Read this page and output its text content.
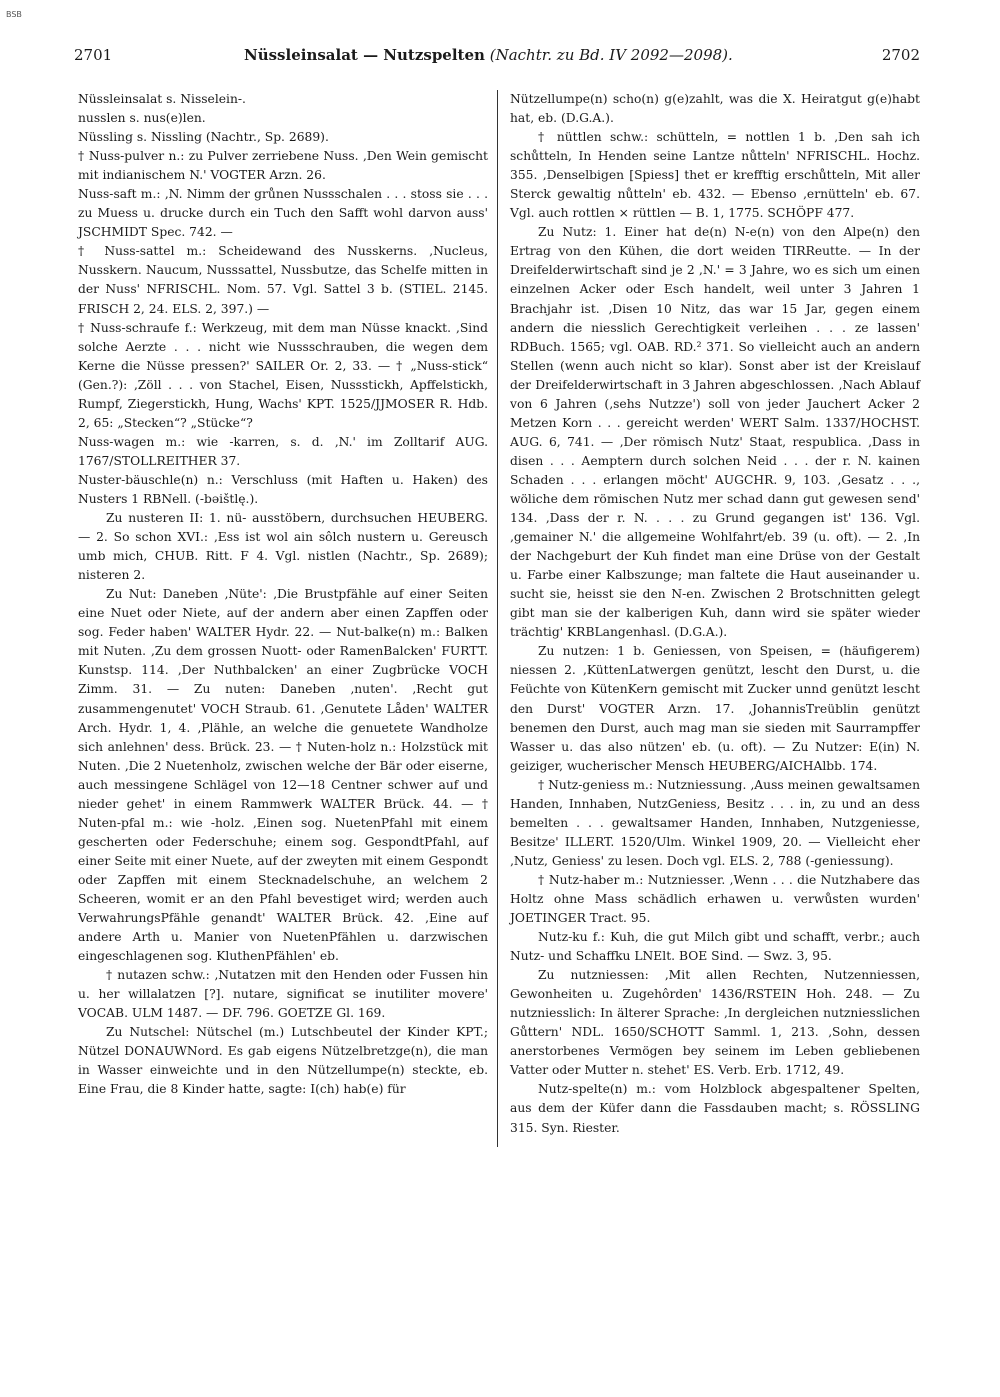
BSB
2701	Nüssleinsalat — Nutzspelten (Nachtr. zu Bd. IV 2092—2098).	2702

Nüssleinsalat s. Nisselein-.

nusslen s. nus(e)len.

Nüssling s. Nissling (Nachtr., Sp. 2689).

† Nuss-pulver n.: zu Pulver zerriebene Nuss. ‚Den Wein gemischt mit indianischem N.' VOGTER Arzn. 26.

Nuss-saft m.: ‚N. Nimm der grůnen Nussschalen . . . stoss sie . . . zu Muess u. drucke durch ein Tuch den Safft wohl darvon auss' JSCHMIDT Spec. 742. —

† Nuss-sattel m.: Scheidewand des Nusskerns. ‚Nucleus, Nusskern. Naucum, Nusssattel, Nussbutze, das Schelfe mitten in der Nuss' NFRISCHL. Nom. 57. Vgl. Sattel 3 b. (STIEL. 2145. FRISCH 2, 24. ELS. 2, 397.) —

† Nuss-schraufe f.: Werkzeug, mit dem man Nüsse knackt. ‚Sind solche Aerzte . . . nicht wie Nussschrauben, die wegen dem Kerne die Nüsse pressen?' SAILER Or. 2, 33. — † „Nuss-stick“ (Gen.?): ‚Zöll . . . von Stachel, Eisen, Nussstickh, Apffelstickh, Rumpf, Ziegerstickh, Hung, Wachs' KPT. 1525/JJMOSER R. Hdb. 2, 65: „Stecken“? „Stücke“?

Nuss-wagen m.: wie -karren, s. d. ‚N.' im Zolltarif AUG. 1767/STOLLREITHER 37.

Nuster-bäuschle(n) n.: Verschluss (mit Haften u. Haken) des Nusters 1 RBNell. (-bəištlę.).

Zu nusteren II: 1. nü- ausstöbern, durchsuchen HEUBERG. — 2. So schon XVI.: ‚Ess ist wol ain sôlch nustern u. Gereusch umb mich, CHUB. Ritt. F 4. Vgl. nistlen (Nachtr., Sp. 2689); nisteren 2.

Zu Nut: Daneben ‚Nüte': ‚Die Brustpfähle auf einer Seiten eine Nuet oder Niete, auf der andern aber einen Zapffen oder sog. Feder haben' WALTER Hydr. 22. — Nut-balke(n) m.: Balken mit Nuten. ‚Zu dem grossen Nuott- oder RamenBalcken' FURTT. Kunstsp. 114. ‚Der Nuthbalcken' an einer Zugbrücke VOCH Zimm. 31. — Zu nuten: Daneben ‚nuten'. ‚Recht gut zusammengenutet' VOCH Straub. 61. ‚Genutete Låden' WALTER Arch. Hydr. 1, 4. ‚Plähle, an welche die genuetete Wandholze sich anlehnen' dess. Brück. 23. — † Nuten-holz n.: Holzstück mit Nuten. ‚Die 2 Nuetenholz, zwischen welche der Bär oder eiserne, auch messingene Schlägel von 12—18 Centner schwer auf und nieder gehet' in einem Rammwerk WALTER Brück. 44. — † Nuten-pfal m.: wie -holz. ‚Einen sog. NuetenPfahl mit einem gescherten oder Federschuhe; einem sog. GespondtPfahl, auf einer Seite mit einer Nuete, auf der zweyten mit einem Gespondt oder Zapffen mit einem Stecknadelschuhe, an welchem 2 Scheeren, womit er an den Pfahl bevestiget wird; werden auch VerwahrungsPfähle genandt' WALTER Brück. 42. ‚Eine auf andere Arth u. Manier von NuetenPfählen u. darzwischen eingeschlagenen sog. KluthenPfählen' eb.

† nutazen schw.: ‚Nutatzen mit den Henden oder Fussen hin u. her willalatzen [?]. nutare, significat se inutiliter movere' VOCAB. ULM 1487. — DF. 796. GOETZE Gl. 169.

Zu Nutschel: Nütschel (m.) Lutschbeutel der Kinder KPT.; Nützel DONAUWNord. Es gab eigens Nützelbretzge(n), die man in Wasser einweichte und in den Nützellumpe(n) steckte, eb. Eine Frau, die 8 Kinder hatte, sagte: I(ch) hab(e) für

Nützellumpe(n) scho(n) g(e)zahlt, was die X. Heiratgut g(e)habt hat, eb. (D.G.A.).

† nüttlen schw.: schütteln, = nottlen 1 b. ‚Den sah ich schůtteln, In Henden seine Lantze nůtteln' NFRISCHL. Hochz. 355. ‚Denselbigen [Spiess] thet er krefftig erschůtteln, Mit aller Sterck gewaltig nůtteln' eb. 432. — Ebenso ‚ernütteln' eb. 67. Vgl. auch rottlen × rüttlen — B. 1, 1775. SCHÖPF 477.

Zu Nutz: 1. Einer hat de(n) N-e(n) von den Alpe(n) den Ertrag von den Kühen, die dort weiden TIRReutte. — In der Dreifelderwirtschaft sind je 2 ‚N.' = 3 Jahre, wo es sich um einen einzelnen Acker oder Esch handelt, weil unter 3 Jahren 1 Brachjahr ist. ‚Disen 10 Nitz, das war 15 Jar, gegen einem andern die niesslich Gerechtigkeit verleihen . . . ze lassen' RDBuch. 1565; vgl. OAB. RD.² 371. So vielleicht auch an andern Stellen (wenn auch nicht so klar). Sonst aber ist der Kreislauf der Dreifelderwirtschaft in 3 Jahren abgeschlossen. ‚Nach Ablauf von 6 Jahren (‚sehs Nutzze') soll von jeder Jauchert Acker 2 Metzen Korn . . . gereicht werden' WERT Salm. 1337/HOCHST. AUG. 6, 741. — ‚Der römisch Nutz' Staat, respublica. ‚Dass in disen . . . Aemptern durch solchen Neid . . . der r. N. kainen Schaden . . . erlangen möcht' AUGCHR. 9, 103. ‚Gesatz . . ., wöliche dem römischen Nutz mer schad dann gut gewesen send' 134. ‚Dass der r. N. . . . zu Grund gegangen ist' 136. Vgl. ‚gemainer N.' die allgemeine Wohlfahrt/eb. 39 (u. oft). — 2. ‚In der Nachgeburt der Kuh findet man eine Drüse von der Gestalt u. Farbe einer Kalbszunge; man faltete die Haut auseinander u. sucht sie, heisst sie den N-en. Zwischen 2 Brotschnitten gelegt gibt man sie der kalberigen Kuh, dann wird sie später wieder trächtig' KRBLangenhasl. (D.G.A.).

Zu nutzen: 1 b. Geniessen, von Speisen, = (häufigerem) niessen 2. ‚KüttenLatwergen genützt, lescht den Durst, u. die Feüchte von KütenKern gemischt mit Zucker unnd genützt lescht den Durst' VOGTER Arzn. 17. ‚JohannisTreüblin genützt benemen den Durst, auch mag man sie sieden mit Saurrampffer Wasser u. das also nützen' eb. (u. oft). — Zu Nutzer: E(in) N. geiziger, wucherischer Mensch HEUBERG/AICHAlbb. 174.

† Nutz-geniess m.: Nutzniessung. ‚Auss meinen gewaltsamen Handen, Innhaben, NutzGeniess, Besitz . . . in, zu und an dess bemelten . . . gewaltsamer Handen, Innhaben, Nutzgeniesse, Besitze' ILLERT. 1520/Ulm. Winkel 1909, 20. — Vielleicht eher ‚Nutz, Geniess' zu lesen. Doch vgl. ELS. 2, 788 (-geniessung).

† Nutz-haber m.: Nutzniesser. ‚Wenn . . . die Nutzhabere das Holtz ohne Mass schädlich erhawen u. verwůsten wurden' JOETINGER Tract. 95.

Nutz-ku f.: Kuh, die gut Milch gibt und schafft, verbr.; auch Nutz- und Schaffku LNElt. BOE Sind. — Swz. 3, 95.

Zu nutzniessen: ‚Mit allen Rechten, Nutzenniessen, Gewonheiten u. Zugehôrden' 1436/RSTEIN Hoh. 248. — Zu nutzniesslich: In älterer Sprache: ‚In dergleichen nutzniesslichen Gůttern' NDL. 1650/SCHOTT Samml. 1, 213. ‚Sohn, dessen anerstorbenes Vermögen bey seinem im Leben gebliebenen Vatter oder Mutter n. stehet' ES. Verb. Erb. 1712, 49.

Nutz-spelte(n) m.: vom Holzblock abgespaltener Spelten, aus dem der Küfer dann die Fassdauben macht; s. RÖSSLING 315. Syn. Riester.
